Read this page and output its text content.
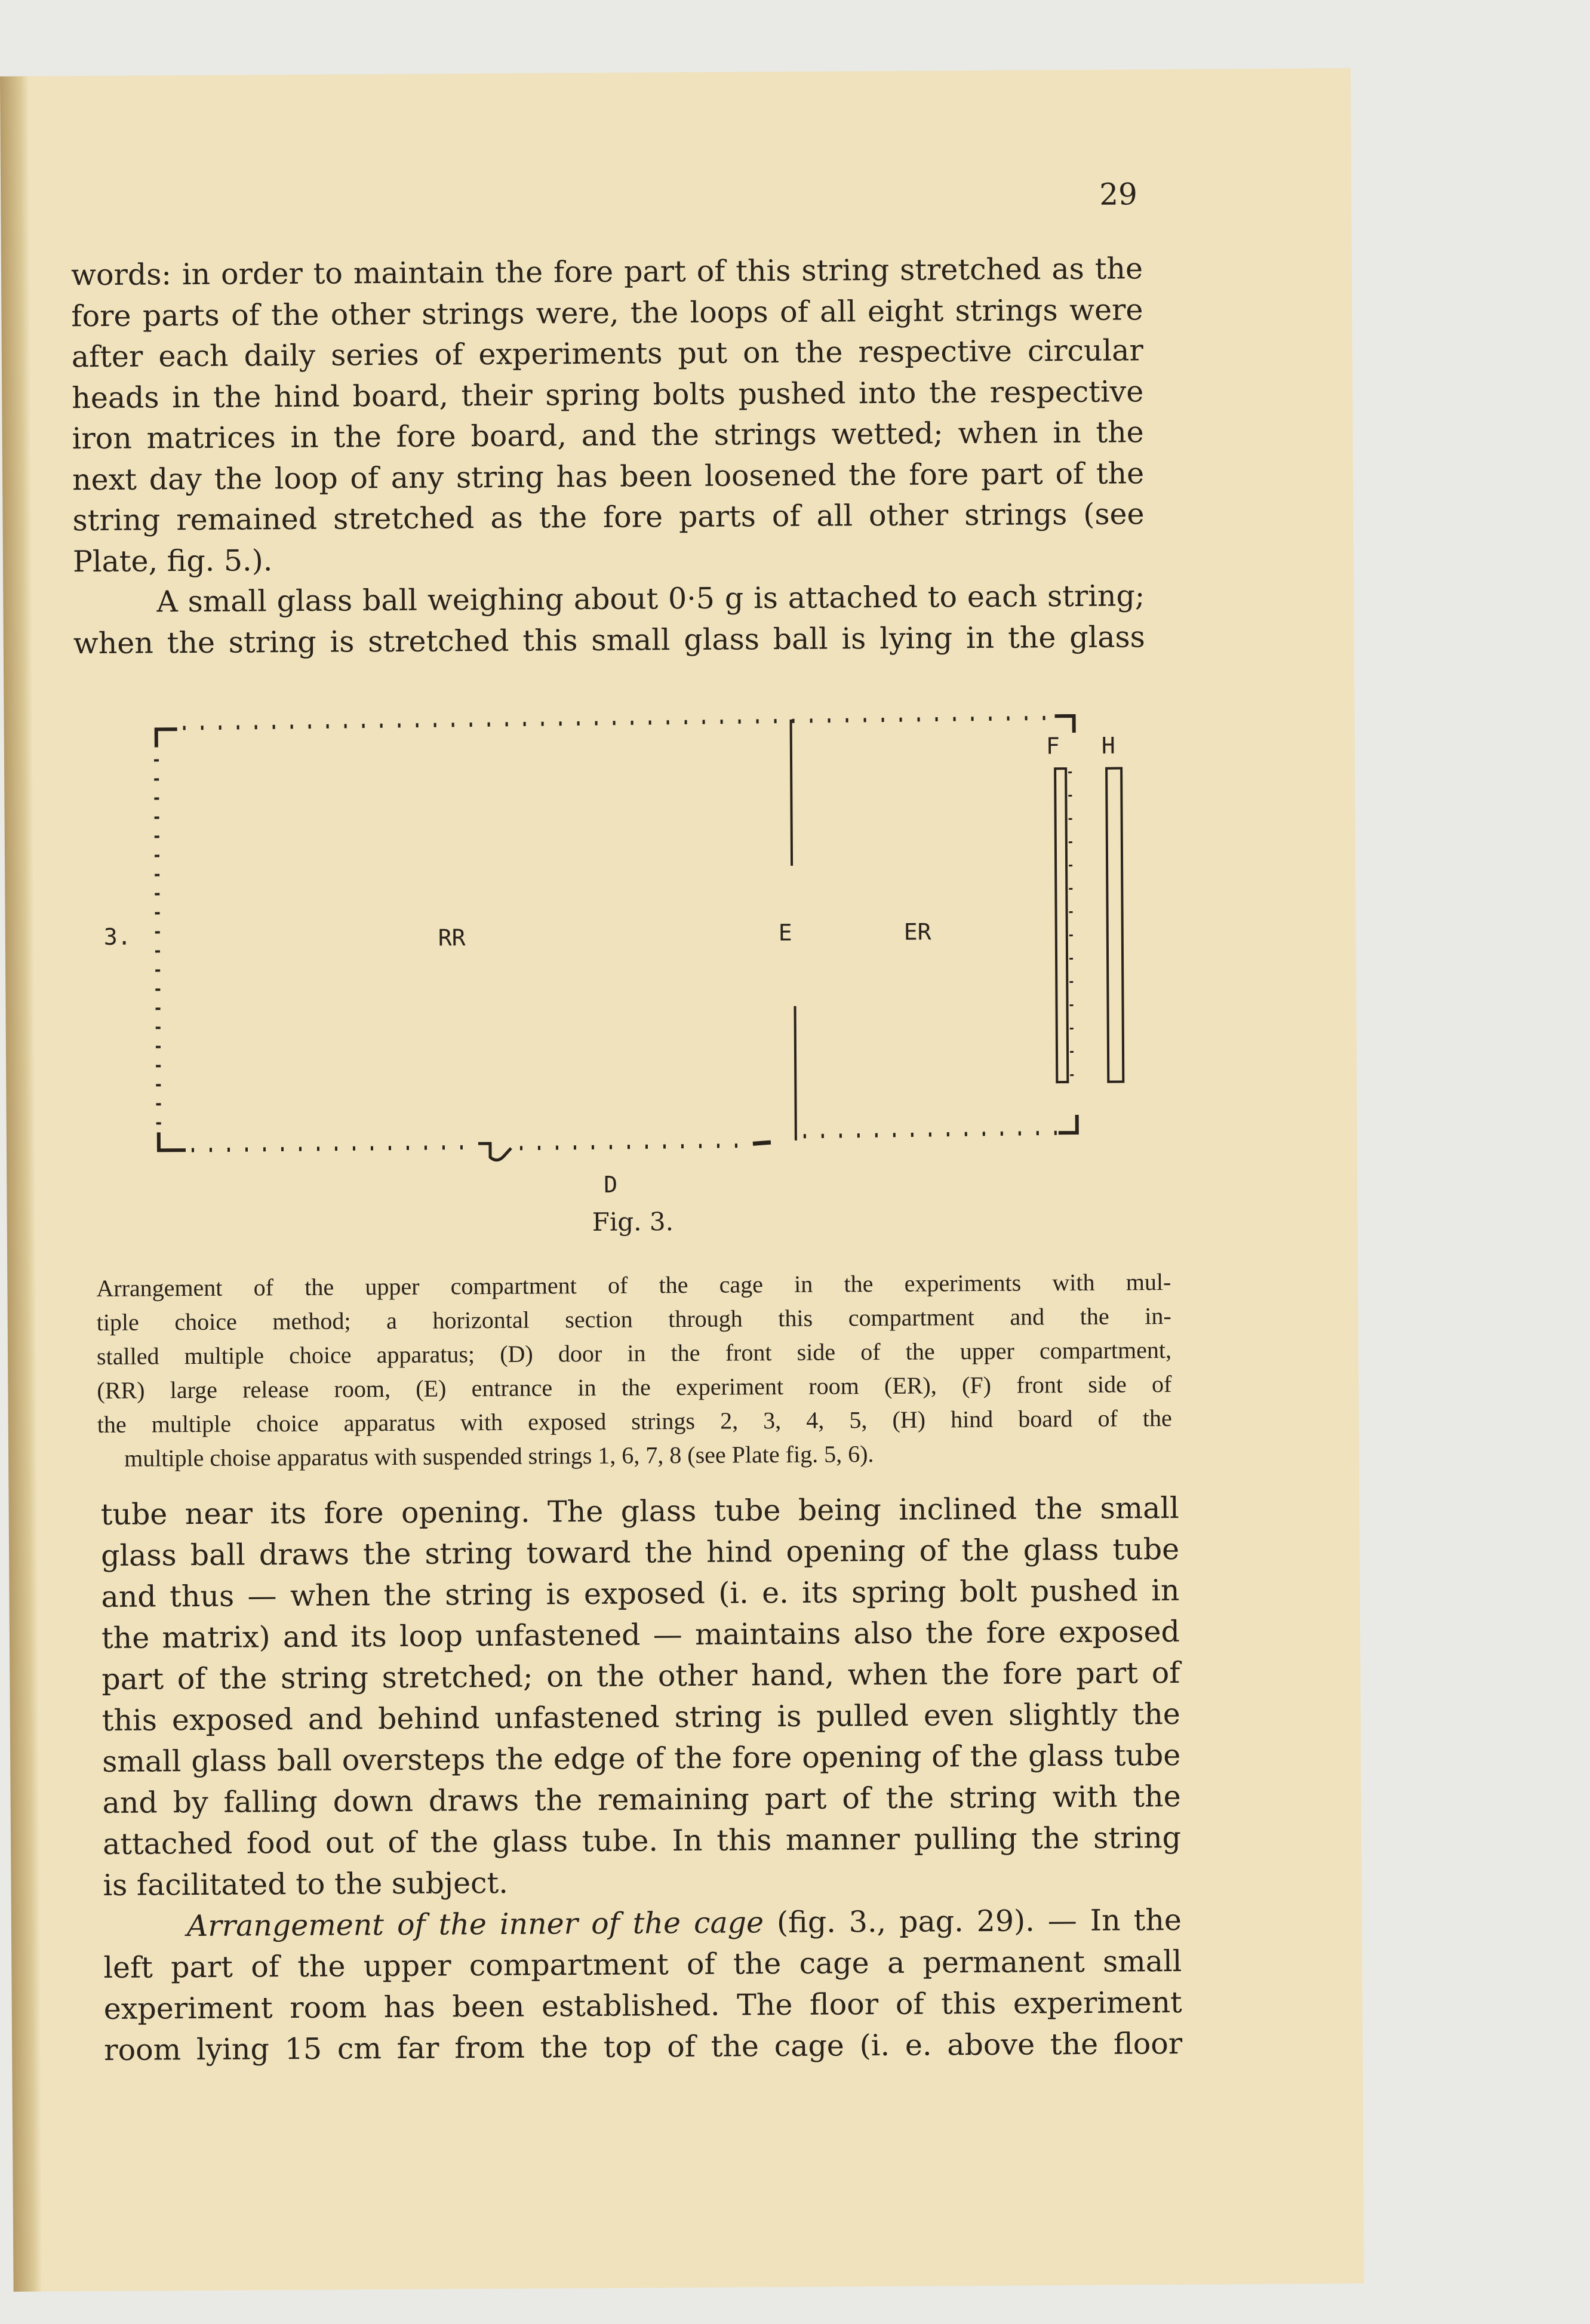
29
words: in order to maintain the fore part of this string stretched as the
fore parts of the other strings were, the loops of all eight strings were
after each daily series of experiments put on the respective circular
heads in the hind board, their spring bolts pushed into the respective
iron matrices in the fore board, and the strings wetted; when in the
next day the loop of any string has been loosened the fore part of the
string remained stretched as the fore parts of all other strings (see
Plate, fig. 5.).
A small glass ball weighing about 0·5 g is attached to each string;
when the string is stretched this small glass ball is lying in the glass
3.	RR	E	ER
F H
D
Fig. 3.
Arrangement of the upper compartment of the cage in the experiments with mul-
tiple choice method; a horizontal section through this compartment and the in-
stalled multiple choice apparatus; (D) door in the front side of the upper compartment,
(RR) large release room, (E) entrance in the experiment room (ER), (F) front side of
the multiple choice apparatus with exposed strings 2, 3, 4, 5, (H) hind board of the
multiple choise apparatus with suspended strings 1, 6, 7, 8 (see Plate fig. 5, 6).
tube near its fore opening. The glass tube being inclined the small
glass ball draws the string toward the hind opening of the glass tube
and thus — when the string is exposed (i. e. its spring bolt pushed in
the matrix) and its loop unfastened — maintains also the fore exposed
part of the string stretched; on the other hand, when the fore part of
this exposed and behind unfastened string is pulled even slightly the
small glass ball oversteps the edge of the fore opening of the glass tube
and by falling down draws the remaining part of the string with the
attached food out of the glass tube. In this manner pulling the string
is facilitated to the subject.
Arrangement of the inner of the cage (fig. 3., pag. 29). — In the
left part of the upper compartment of the cage a permanent small
experiment room has been established. The floor of this experiment
room lying 15 cm far from the top of the cage (i. e. above the floor
